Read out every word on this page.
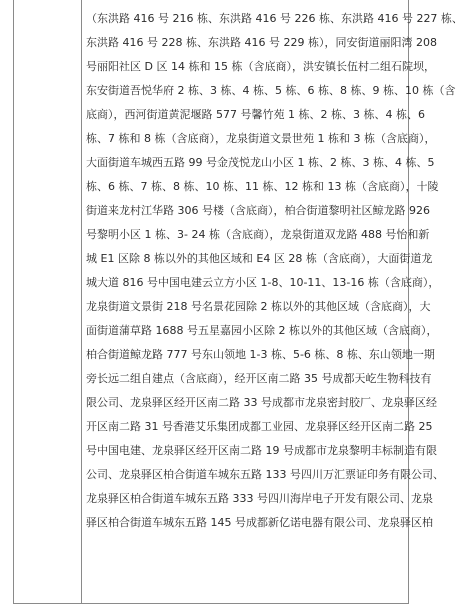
（东洪路 416 号 216 栋、东洪路 416 号 226 栋、东洪路 416 号 227 栋、
东洪路 416 号 228 栋、东洪路 416 号 229 栋），同安街道丽阳湾 208
号丽阳社区 D 区 14 栋和 15 栋（含底商），洪安镇长伍村二组石院坝，
东安街道吾悦华府 2 栋、3 栋、4 栋、5 栋、6 栋、8 栋、9 栋、10 栋（含
底商），西河街道黄泥堰路 577 号馨竹苑 1 栋、2 栋、3 栋、4 栋、6
栋、7 栋和 8 栋（含底商），龙泉街道文景世苑 1 栋和 3 栋（含底商），
大面街道车城西五路 99 号金茂悦龙山小区 1 栋、2 栋、3 栋、4 栋、5
栋、6 栋、7 栋、8 栋、10 栋、11 栋、12 栋和 13 栋（含底商），十陵
街道来龙村江华路 306 号楼（含底商），柏合街道黎明社区鲸龙路 926
号黎明小区 1 栋、3- 24 栋（含底商），龙泉街道双龙路 488 号怡和新
城 E1 区除 8 栋以外的其他区域和 E4 区 28 栋（含底商），大面街道龙
城大道 816 号中国电建云立方小区 1-8、10-11、13-16 栋（含底商），
龙泉街道文景街 218 号名景花园除 2 栋以外的其他区域（含底商），大
面街道蒲草路 1688 号五星嘉园小区除 2 栋以外的其他区域（含底商），
柏合街道鲸龙路 777 号东山领地 1-3 栋、5-6 栋、8 栋、东山领地一期
旁长远二组自建点（含底商），经开区南二路 35 号成都天屹生物科技有
限公司、龙泉驿区经开区南二路 33 号成都市龙泉密封胶厂、龙泉驿区经
开区南二路 31 号香港艾乐集团成都工业园、龙泉驿区经开区南二路 25
号中国电建、龙泉驿区经开区南二路 19 号成都市龙泉黎明丰标制造有限
公司、龙泉驿区柏合街道车城东五路 133 号四川万汇票证印务有限公司、
龙泉驿区柏合街道车城东五路 333 号四川海岸电子开发有限公司、龙泉
驿区柏合街道车城东五路 145 号成都新亿诺电器有限公司、龙泉驿区柏
